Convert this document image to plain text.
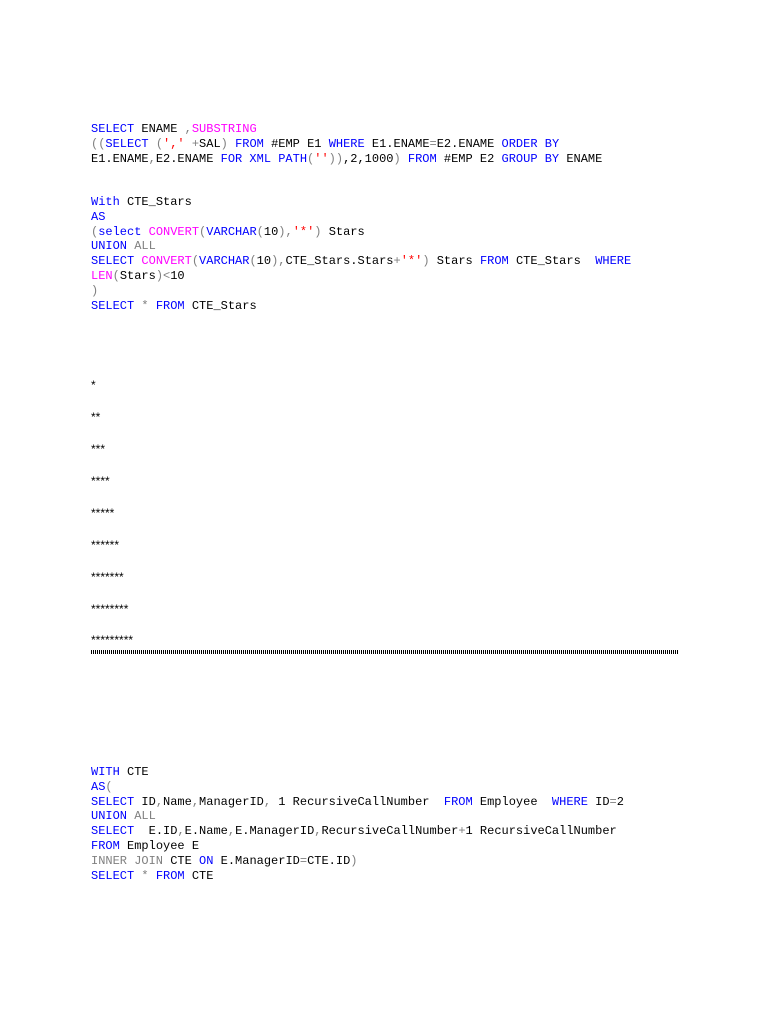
SELECT ENAME ,SUBSTRING
((SELECT (',' +SAL) FROM #EMP E1 WHERE E1.ENAME=E2.ENAME ORDER BY
E1.ENAME,E2.ENAME FOR XML PATH('')),2,1000) FROM #EMP E2 GROUP BY ENAME
With CTE_Stars
AS
(select CONVERT(VARCHAR(10),'*') Stars
UNION ALL
SELECT CONVERT(VARCHAR(10),CTE_Stars.Stars+'*') Stars FROM CTE_Stars  WHERE
LEN(Stars)<10
)
SELECT * FROM CTE_Stars
*
**
***
****
*****
******
*******
********
*********
WITH CTE
AS(
SELECT ID,Name,ManagerID, 1 RecursiveCallNumber  FROM Employee  WHERE ID=2
UNION ALL
SELECT  E.ID,E.Name,E.ManagerID,RecursiveCallNumber+1 RecursiveCallNumber
FROM Employee E
INNER JOIN CTE ON E.ManagerID=CTE.ID)
SELECT * FROM CTE
